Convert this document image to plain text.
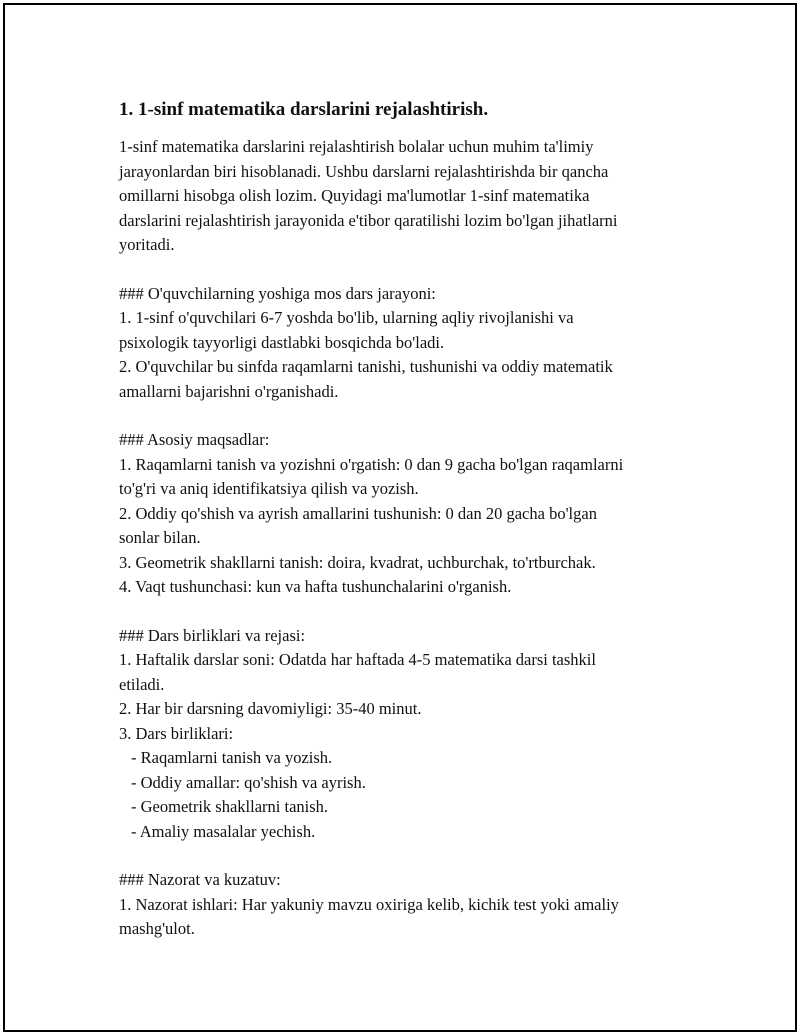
1. 1-sinf matematika darslarini rejalashtirish.
1-sinf matematika darslarini rejalashtirish bolalar uchun muhim ta'limiy
jarayonlardan biri hisoblanadi. Ushbu darslarni rejalashtirishda bir qancha
omillarni hisobga olish lozim. Quyidagi ma'lumotlar 1-sinf matematika
darslarini rejalashtirish jarayonida e'tibor qaratilishi lozim bo'lgan jihatlarni
yoritadi.
### O'quvchilarning yoshiga mos dars jarayoni:
1. 1-sinf o'quvchilari 6-7 yoshda bo'lib, ularning aqliy rivojlanishi va
psixologik tayyorligi dastlabki bosqichda bo'ladi.
2. O'quvchilar bu sinfda raqamlarni tanishi, tushunishi va oddiy matematik
amallarni bajarishni o'rganishadi.
### Asosiy maqsadlar:
1. Raqamlarni tanish va yozishni o'rgatish: 0 dan 9 gacha bo'lgan raqamlarni
to'g'ri va aniq identifikatsiya qilish va yozish.
2. Oddiy qo'shish va ayrish amallarini tushunish: 0 dan 20 gacha bo'lgan
sonlar bilan.
3. Geometrik shakllarni tanish: doira, kvadrat, uchburchak, to'rtburchak.
4. Vaqt tushunchasi: kun va hafta tushunchalarini o'rganish.
### Dars birliklari va rejasi:
1. Haftalik darslar soni: Odatda har haftada 4-5 matematika darsi tashkil
etiladi.
2. Har bir darsning davomiyligi: 35-40 minut.
3. Dars birliklari:
- Raqamlarni tanish va yozish.
- Oddiy amallar: qo'shish va ayrish.
- Geometrik shakllarni tanish.
- Amaliy masalalar yechish.
### Nazorat va kuzatuv:
1. Nazorat ishlari: Har yakuniy mavzu oxiriga kelib, kichik test yoki amaliy
mashg'ulot.
